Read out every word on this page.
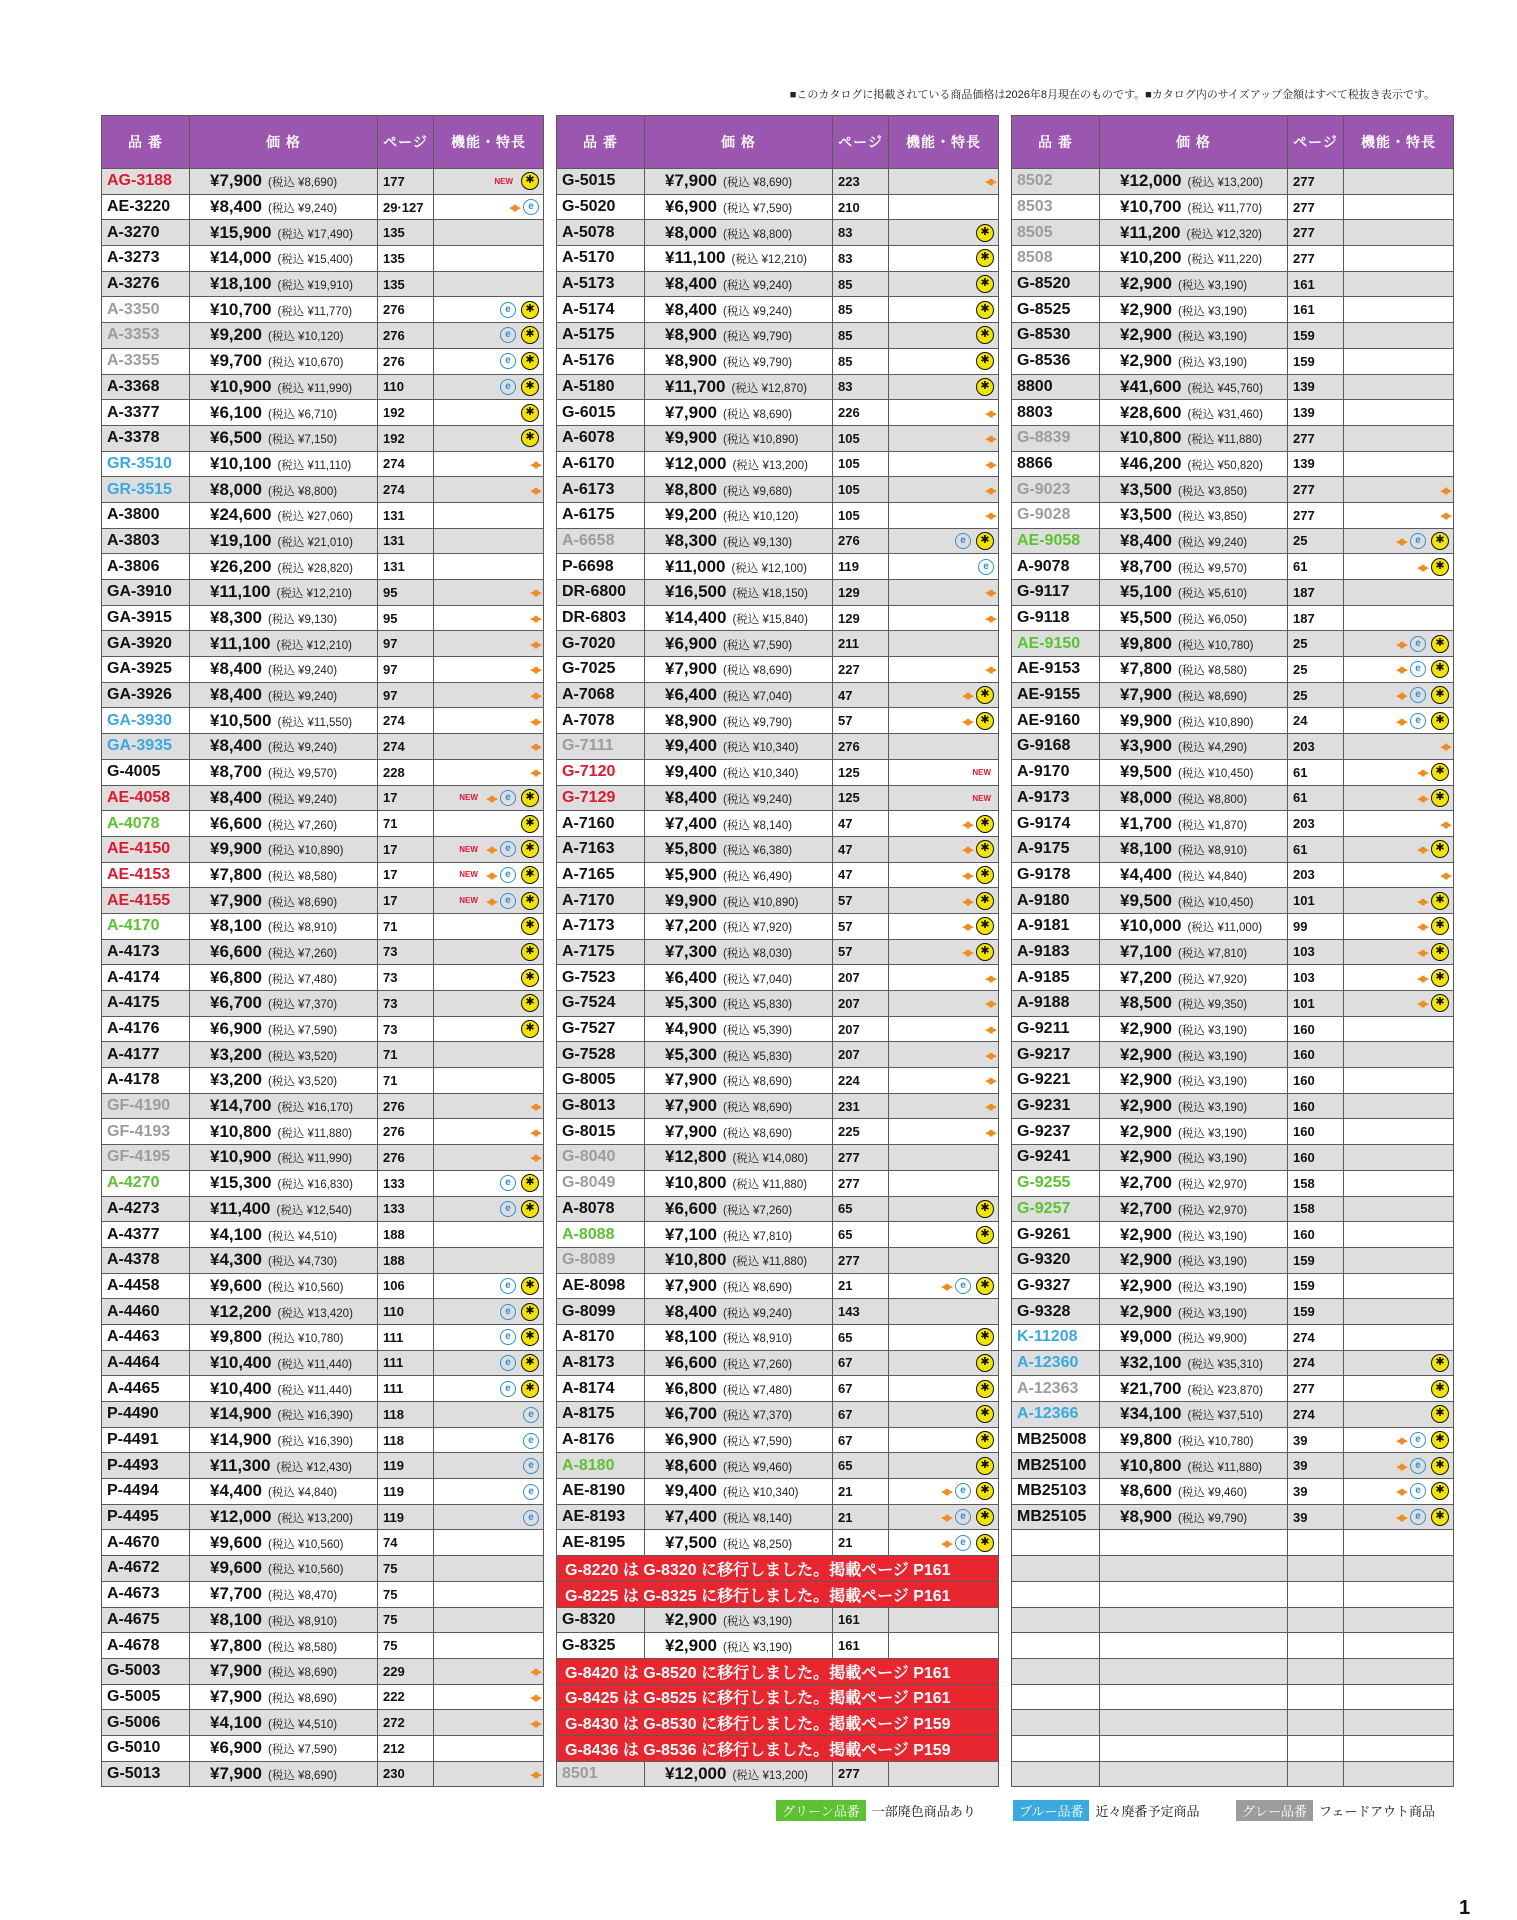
■このカタログに掲載されている商品価格は2026年8月現在のものです。■カタログ内のサイズアップ金額はすべて税抜き表示です。
品 番	価 格	ページ	機能・特長
AG-3188	¥7,900 (税込 ¥8,690)	177	NEW ✱
AE-3220	¥8,400 (税込 ¥9,240)	29·127	◂▸ e
A-3270	¥15,900 (税込 ¥17,490)	135	
A-3273	¥14,000 (税込 ¥15,400)	135	
A-3276	¥18,100 (税込 ¥19,910)	135	
A-3350	¥10,700 (税込 ¥11,770)	276	e ✱
A-3353	¥9,200 (税込 ¥10,120)	276	e ✱
A-3355	¥9,700 (税込 ¥10,670)	276	e ✱
A-3368	¥10,900 (税込 ¥11,990)	110	e ✱
A-3377	¥6,100 (税込 ¥6,710)	192	✱
A-3378	¥6,500 (税込 ¥7,150)	192	✱
GR-3510	¥10,100 (税込 ¥11,110)	274	◂▸
GR-3515	¥8,000 (税込 ¥8,800)	274	◂▸
A-3800	¥24,600 (税込 ¥27,060)	131	
A-3803	¥19,100 (税込 ¥21,010)	131	
A-3806	¥26,200 (税込 ¥28,820)	131	
GA-3910	¥11,100 (税込 ¥12,210)	95	◂▸
GA-3915	¥8,300 (税込 ¥9,130)	95	◂▸
GA-3920	¥11,100 (税込 ¥12,210)	97	◂▸
GA-3925	¥8,400 (税込 ¥9,240)	97	◂▸
GA-3926	¥8,400 (税込 ¥9,240)	97	◂▸
GA-3930	¥10,500 (税込 ¥11,550)	274	◂▸
GA-3935	¥8,400 (税込 ¥9,240)	274	◂▸
G-4005	¥8,700 (税込 ¥9,570)	228	◂▸
AE-4058	¥8,400 (税込 ¥9,240)	17	NEW ◂▸ e ✱
A-4078	¥6,600 (税込 ¥7,260)	71	✱
AE-4150	¥9,900 (税込 ¥10,890)	17	NEW ◂▸ e ✱
AE-4153	¥7,800 (税込 ¥8,580)	17	NEW ◂▸ e ✱
AE-4155	¥7,900 (税込 ¥8,690)	17	NEW ◂▸ e ✱
A-4170	¥8,100 (税込 ¥8,910)	71	✱
A-4173	¥6,600 (税込 ¥7,260)	73	✱
A-4174	¥6,800 (税込 ¥7,480)	73	✱
A-4175	¥6,700 (税込 ¥7,370)	73	✱
A-4176	¥6,900 (税込 ¥7,590)	73	✱
A-4177	¥3,200 (税込 ¥3,520)	71	
A-4178	¥3,200 (税込 ¥3,520)	71	
GF-4190	¥14,700 (税込 ¥16,170)	276	◂▸
GF-4193	¥10,800 (税込 ¥11,880)	276	◂▸
GF-4195	¥10,900 (税込 ¥11,990)	276	◂▸
A-4270	¥15,300 (税込 ¥16,830)	133	e ✱
A-4273	¥11,400 (税込 ¥12,540)	133	e ✱
A-4377	¥4,100 (税込 ¥4,510)	188	
A-4378	¥4,300 (税込 ¥4,730)	188	
A-4458	¥9,600 (税込 ¥10,560)	106	e ✱
A-4460	¥12,200 (税込 ¥13,420)	110	e ✱
A-4463	¥9,800 (税込 ¥10,780)	111	e ✱
A-4464	¥10,400 (税込 ¥11,440)	111	e ✱
A-4465	¥10,400 (税込 ¥11,440)	111	e ✱
P-4490	¥14,900 (税込 ¥16,390)	118	e
P-4491	¥14,900 (税込 ¥16,390)	118	e
P-4493	¥11,300 (税込 ¥12,430)	119	e
P-4494	¥4,400 (税込 ¥4,840)	119	e
P-4495	¥12,000 (税込 ¥13,200)	119	e
A-4670	¥9,600 (税込 ¥10,560)	74	
A-4672	¥9,600 (税込 ¥10,560)	75	
A-4673	¥7,700 (税込 ¥8,470)	75	
A-4675	¥8,100 (税込 ¥8,910)	75	
A-4678	¥7,800 (税込 ¥8,580)	75	
G-5003	¥7,900 (税込 ¥8,690)	229	◂▸
G-5005	¥7,900 (税込 ¥8,690)	222	◂▸
G-5006	¥4,100 (税込 ¥4,510)	272	◂▸
G-5010	¥6,900 (税込 ¥7,590)	212	
G-5013	¥7,900 (税込 ¥8,690)	230	◂▸
品 番	価 格	ページ	機能・特長
G-5015	¥7,900 (税込 ¥8,690)	223	◂▸
G-5020	¥6,900 (税込 ¥7,590)	210	
A-5078	¥8,000 (税込 ¥8,800)	83	✱
A-5170	¥11,100 (税込 ¥12,210)	83	✱
A-5173	¥8,400 (税込 ¥9,240)	85	✱
A-5174	¥8,400 (税込 ¥9,240)	85	✱
A-5175	¥8,900 (税込 ¥9,790)	85	✱
A-5176	¥8,900 (税込 ¥9,790)	85	✱
A-5180	¥11,700 (税込 ¥12,870)	83	✱
G-6015	¥7,900 (税込 ¥8,690)	226	◂▸
A-6078	¥9,900 (税込 ¥10,890)	105	◂▸
A-6170	¥12,000 (税込 ¥13,200)	105	◂▸
A-6173	¥8,800 (税込 ¥9,680)	105	◂▸
A-6175	¥9,200 (税込 ¥10,120)	105	◂▸
A-6658	¥8,300 (税込 ¥9,130)	276	e ✱
P-6698	¥11,000 (税込 ¥12,100)	119	e
DR-6800	¥16,500 (税込 ¥18,150)	129	◂▸
DR-6803	¥14,400 (税込 ¥15,840)	129	◂▸
G-7020	¥6,900 (税込 ¥7,590)	211	
G-7025	¥7,900 (税込 ¥8,690)	227	◂▸
A-7068	¥6,400 (税込 ¥7,040)	47	◂▸ ✱
A-7078	¥8,900 (税込 ¥9,790)	57	◂▸ ✱
G-7111	¥9,400 (税込 ¥10,340)	276	
G-7120	¥9,400 (税込 ¥10,340)	125	NEW
G-7129	¥8,400 (税込 ¥9,240)	125	NEW
A-7160	¥7,400 (税込 ¥8,140)	47	◂▸ ✱
A-7163	¥5,800 (税込 ¥6,380)	47	◂▸ ✱
A-7165	¥5,900 (税込 ¥6,490)	47	◂▸ ✱
A-7170	¥9,900 (税込 ¥10,890)	57	◂▸ ✱
A-7173	¥7,200 (税込 ¥7,920)	57	◂▸ ✱
A-7175	¥7,300 (税込 ¥8,030)	57	◂▸ ✱
G-7523	¥6,400 (税込 ¥7,040)	207	◂▸
G-7524	¥5,300 (税込 ¥5,830)	207	◂▸
G-7527	¥4,900 (税込 ¥5,390)	207	◂▸
G-7528	¥5,300 (税込 ¥5,830)	207	◂▸
G-8005	¥7,900 (税込 ¥8,690)	224	◂▸
G-8013	¥7,900 (税込 ¥8,690)	231	◂▸
G-8015	¥7,900 (税込 ¥8,690)	225	◂▸
G-8040	¥12,800 (税込 ¥14,080)	277	
G-8049	¥10,800 (税込 ¥11,880)	277	
A-8078	¥6,600 (税込 ¥7,260)	65	✱
A-8088	¥7,100 (税込 ¥7,810)	65	✱
G-8089	¥10,800 (税込 ¥11,880)	277	
AE-8098	¥7,900 (税込 ¥8,690)	21	◂▸ e ✱
G-8099	¥8,400 (税込 ¥9,240)	143	
A-8170	¥8,100 (税込 ¥8,910)	65	✱
A-8173	¥6,600 (税込 ¥7,260)	67	✱
A-8174	¥6,800 (税込 ¥7,480)	67	✱
A-8175	¥6,700 (税込 ¥7,370)	67	✱
A-8176	¥6,900 (税込 ¥7,590)	67	✱
A-8180	¥8,600 (税込 ¥9,460)	65	✱
AE-8190	¥9,400 (税込 ¥10,340)	21	◂▸ e ✱
AE-8193	¥7,400 (税込 ¥8,140)	21	◂▸ e ✱
AE-8195	¥7,500 (税込 ¥8,250)	21	◂▸ e ✱
G-8220 は G-8320 に移行しました。掲載ページ P161			
G-8225 は G-8325 に移行しました。掲載ページ P161			
G-8320	¥2,900 (税込 ¥3,190)	161	
G-8325	¥2,900 (税込 ¥3,190)	161	
G-8420 は G-8520 に移行しました。掲載ページ P161			
G-8425 は G-8525 に移行しました。掲載ページ P161			
G-8430 は G-8530 に移行しました。掲載ページ P159			
G-8436 は G-8536 に移行しました。掲載ページ P159			
8501	¥12,000 (税込 ¥13,200)	277	
品 番	価 格	ページ	機能・特長
8502	¥12,000 (税込 ¥13,200)	277	
8503	¥10,700 (税込 ¥11,770)	277	
8505	¥11,200 (税込 ¥12,320)	277	
8508	¥10,200 (税込 ¥11,220)	277	
G-8520	¥2,900 (税込 ¥3,190)	161	
G-8525	¥2,900 (税込 ¥3,190)	161	
G-8530	¥2,900 (税込 ¥3,190)	159	
G-8536	¥2,900 (税込 ¥3,190)	159	
8800	¥41,600 (税込 ¥45,760)	139	
8803	¥28,600 (税込 ¥31,460)	139	
G-8839	¥10,800 (税込 ¥11,880)	277	
8866	¥46,200 (税込 ¥50,820)	139	
G-9023	¥3,500 (税込 ¥3,850)	277	◂▸
G-9028	¥3,500 (税込 ¥3,850)	277	◂▸
AE-9058	¥8,400 (税込 ¥9,240)	25	◂▸ e ✱
A-9078	¥8,700 (税込 ¥9,570)	61	◂▸ ✱
G-9117	¥5,100 (税込 ¥5,610)	187	
G-9118	¥5,500 (税込 ¥6,050)	187	
AE-9150	¥9,800 (税込 ¥10,780)	25	◂▸ e ✱
AE-9153	¥7,800 (税込 ¥8,580)	25	◂▸ e ✱
AE-9155	¥7,900 (税込 ¥8,690)	25	◂▸ e ✱
AE-9160	¥9,900 (税込 ¥10,890)	24	◂▸ e ✱
G-9168	¥3,900 (税込 ¥4,290)	203	◂▸
A-9170	¥9,500 (税込 ¥10,450)	61	◂▸ ✱
A-9173	¥8,000 (税込 ¥8,800)	61	◂▸ ✱
G-9174	¥1,700 (税込 ¥1,870)	203	◂▸
A-9175	¥8,100 (税込 ¥8,910)	61	◂▸ ✱
G-9178	¥4,400 (税込 ¥4,840)	203	◂▸
A-9180	¥9,500 (税込 ¥10,450)	101	◂▸ ✱
A-9181	¥10,000 (税込 ¥11,000)	99	◂▸ ✱
A-9183	¥7,100 (税込 ¥7,810)	103	◂▸ ✱
A-9185	¥7,200 (税込 ¥7,920)	103	◂▸ ✱
A-9188	¥8,500 (税込 ¥9,350)	101	◂▸ ✱
G-9211	¥2,900 (税込 ¥3,190)	160	
G-9217	¥2,900 (税込 ¥3,190)	160	
G-9221	¥2,900 (税込 ¥3,190)	160	
G-9231	¥2,900 (税込 ¥3,190)	160	
G-9237	¥2,900 (税込 ¥3,190)	160	
G-9241	¥2,900 (税込 ¥3,190)	160	
G-9255	¥2,700 (税込 ¥2,970)	158	
G-9257	¥2,700 (税込 ¥2,970)	158	
G-9261	¥2,900 (税込 ¥3,190)	160	
G-9320	¥2,900 (税込 ¥3,190)	159	
G-9327	¥2,900 (税込 ¥3,190)	159	
G-9328	¥2,900 (税込 ¥3,190)	159	
K-11208	¥9,000 (税込 ¥9,900)	274	
A-12360	¥32,100 (税込 ¥35,310)	274	✱
A-12363	¥21,700 (税込 ¥23,870)	277	✱
A-12366	¥34,100 (税込 ¥37,510)	274	✱
MB25008	¥9,800 (税込 ¥10,780)	39	◂▸ e ✱
MB25100	¥10,800 (税込 ¥11,880)	39	◂▸ e ✱
MB25103	¥8,600 (税込 ¥9,460)	39	◂▸ e ✱
MB25105	¥8,900 (税込 ¥9,790)	39	◂▸ e ✱

グリーン品番 一部廃色商品あり	ブルー品番 近々廃番予定商品	グレー品番 フェードアウト商品
1
